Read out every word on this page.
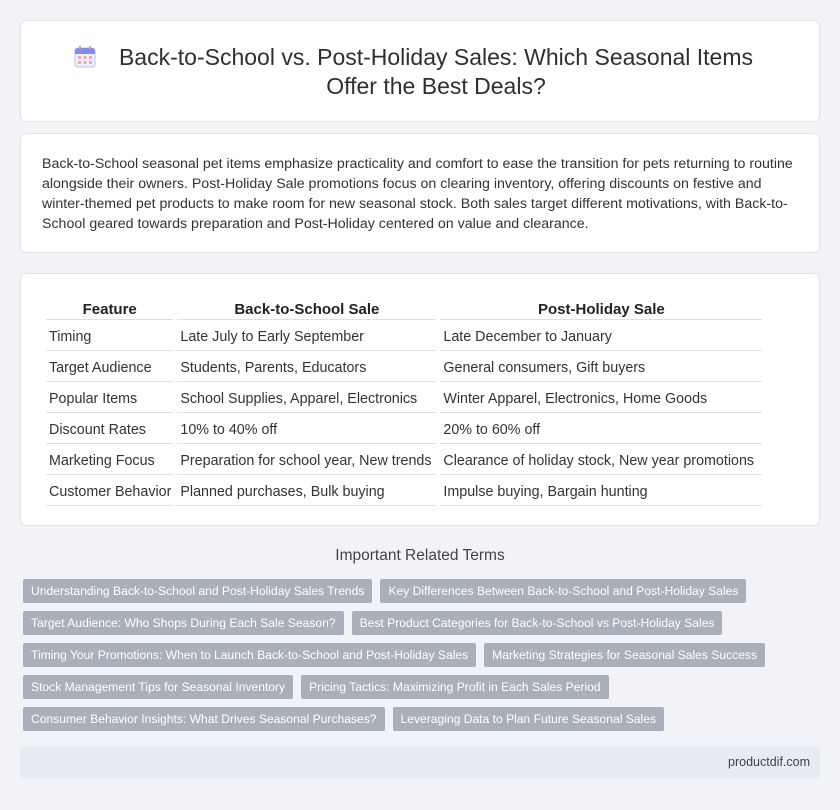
Back-to-School vs. Post-Holiday Sales: Which Seasonal Items Offer the Best Deals?

Back-to-School seasonal pet items emphasize practicality and comfort to ease the transition for pets returning to routine alongside their owners. Post-Holiday Sale promotions focus on clearing inventory, offering discounts on festive and winter-themed pet products to make room for new seasonal stock. Both sales target different motivations, with Back-to-School geared towards preparation and Post-Holiday centered on value and clearance.

Feature	Back-to-School Sale	Post-Holiday Sale
Timing	Late July to Early September	Late December to January
Target Audience	Students, Parents, Educators	General consumers, Gift buyers
Popular Items	School Supplies, Apparel, Electronics	Winter Apparel, Electronics, Home Goods
Discount Rates	10% to 40% off	20% to 60% off
Marketing Focus	Preparation for school year, New trends	Clearance of holiday stock, New year promotions
Customer Behavior	Planned purchases, Bulk buying	Impulse buying, Bargain hunting
Important Related Terms
Understanding Back-to-School and Post-Holiday Sales Trends	Key Differences Between Back-to-School and Post-Holiday Sales
Target Audience: Who Shops During Each Sale Season?	Best Product Categories for Back-to-School vs Post-Holiday Sales
Timing Your Promotions: When to Launch Back-to-School and Post-Holiday Sales	Marketing Strategies for Seasonal Sales Success
Stock Management Tips for Seasonal Inventory	Pricing Tactics: Maximizing Profit in Each Sales Period
Consumer Behavior Insights: What Drives Seasonal Purchases?	Leveraging Data to Plan Future Seasonal Sales
productdif.com
